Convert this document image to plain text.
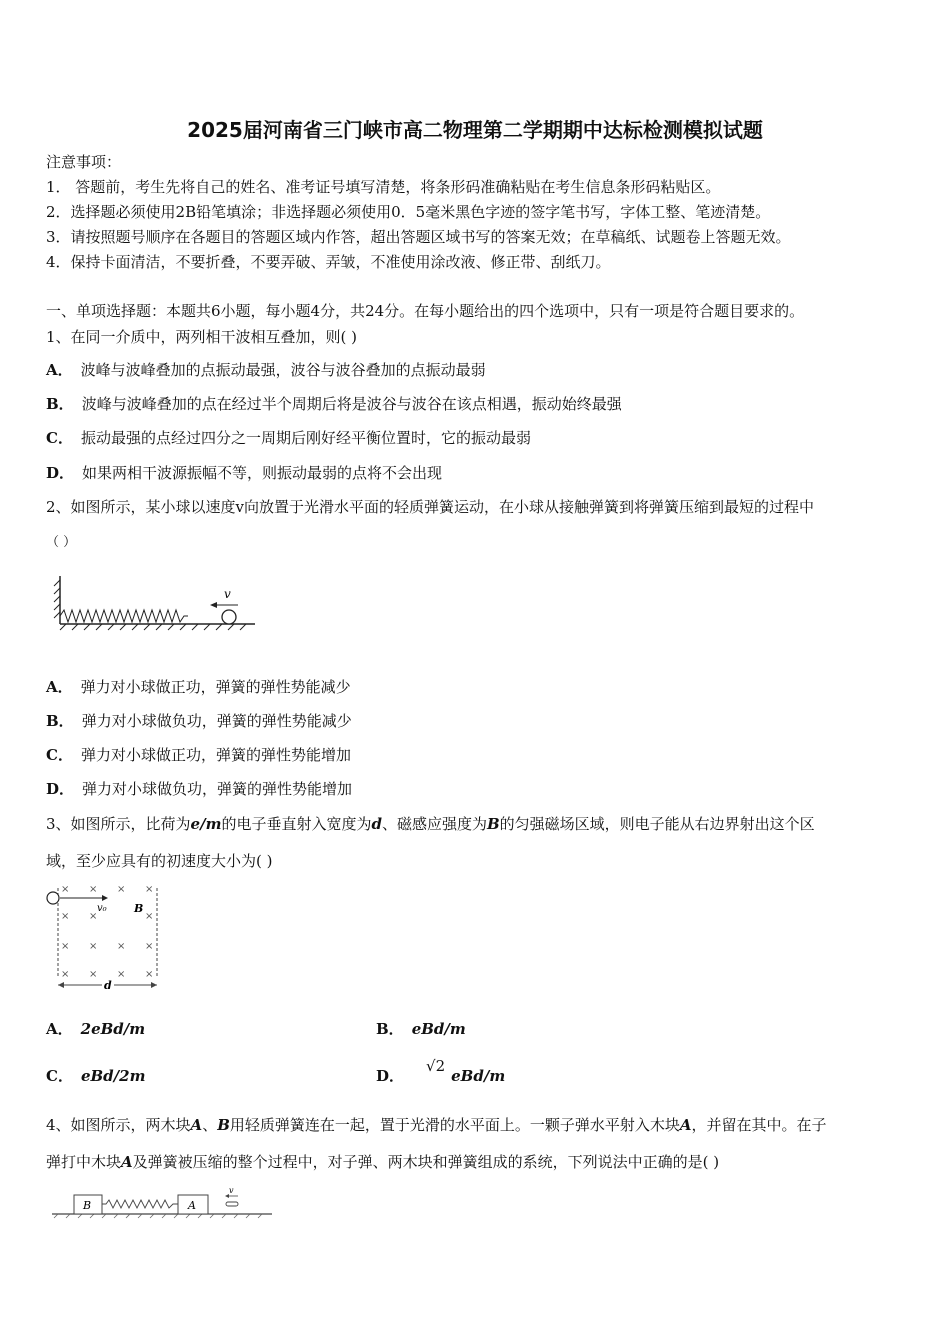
2025届河南省三门峡市高二物理第二学期期中达标检测模拟试题
注意事项：
1． 答题前，考生先将自己的姓名、准考证号填写清楚，将条形码准确粘贴在考生信息条形码粘贴区。
2．选择题必须使用2B铅笔填涂；非选择题必须使用0．5毫米黑色字迹的签字笔书写，字体工整、笔迹清楚。
3．请按照题号顺序在各题目的答题区域内作答，超出答题区域书写的答案无效；在草稿纸、试题卷上答题无效。
4．保持卡面清洁，不要折叠，不要弄破、弄皱，不准使用涂改液、修正带、刮纸刀。
一、单项选择题：本题共6小题，每小题4分，共24分。在每小题给出的四个选项中，只有一项是符合题目要求的。
1、在同一介质中，两列相干波相互叠加，则( )
A． 波峰与波峰叠加的点振动最强，波谷与波谷叠加的点振动最弱
B． 波峰与波峰叠加的点在经过半个周期后将是波谷与波谷在该点相遇，振动始终最强
C． 振动最强的点经过四分之一周期后刚好经平衡位置时，它的振动最弱
D． 如果两相干波源振幅不等，则振动最弱的点将不会出现
2、如图所示，某小球以速度v向放置于光滑水平面的轻质弹簧运动，在小球从接触弹簧到将弹簧压缩到最短的过程中
（ ）
v
A． 弹力对小球做正功，弹簧的弹性势能减少
B． 弹力对小球做负功，弹簧的弹性势能减少
C． 弹力对小球做正功，弹簧的弹性势能增加
D． 弹力对小球做负功，弹簧的弹性势能增加
3、如图所示，比荷为e/m的电子垂直射入宽度为d、磁感应强度为B的匀强磁场区域，则电子能从右边界射出这个区
域，至少应具有的初速度大小为( )
v₀ B
× × × ×
× ×	×
× × × ×
× × × ×
d
A． 2eBd/m	B． eBd/m
C． eBd/2m	D．√2eBd/m
4、如图所示，两木块A、B用轻质弹簧连在一起，置于光滑的水平面上。一颗子弹水平射入木块A，并留在其中。在子
弹打中木块A及弹簧被压缩的整个过程中，对子弹、两木块和弹簧组成的系统，下列说法中正确的是( )
B	A
v
